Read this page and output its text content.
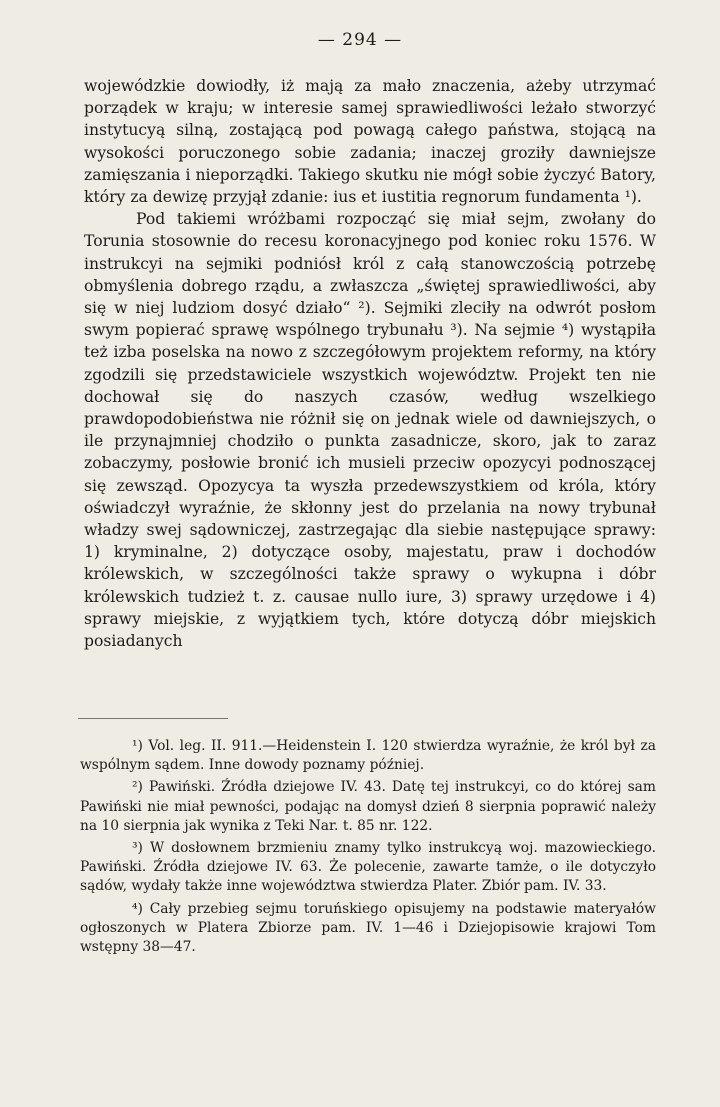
— 294 —

wojewódzkie dowiodły, iż mają za mało znaczenia, ażeby utrzymać porządek w kraju; w interesie samej sprawiedliwości leżało stworzyć instytucyą silną, zostającą pod powagą całego państwa, stojącą na wysokości poruczonego sobie zadania; inaczej groziły dawniejsze zamięszania i nieporządki. Takiego skutku nie mógł sobie życzyć Batory, który za dewizę przyjął zdanie: ius et iustitia regnorum fundamenta ¹).

Pod takiemi wróżbami rozpocząć się miał sejm, zwołany do Torunia stosownie do recesu koronacyjnego pod koniec roku 1576. W instrukcyi na sejmiki podniósł król z całą stanowczością potrzebę obmyślenia dobrego rządu, a zwłaszcza „świętej sprawiedliwości, aby się w niej ludziom dosyć działo“ ²). Sejmiki zleciły na odwrót posłom swym popierać sprawę wspólnego trybunału ³). Na sejmie ⁴) wystąpiła też izba poselska na nowo z szczegółowym projektem reformy, na który zgodzili się przedstawiciele wszystkich województw. Projekt ten nie dochował się do naszych czasów, według wszelkiego prawdopodobieństwa nie różnił się on jednak wiele od dawniejszych, o ile przynajmniej chodziło o punkta zasadnicze, skoro, jak to zaraz zobaczymy, posłowie bronić ich musieli przeciw opozycyi podnoszącej się zewsząd. Opozycya ta wyszła przedewszystkiem od króla, który oświadczył wyraźnie, że skłonny jest do przelania na nowy trybunał władzy swej sądowniczej, zastrzegając dla siebie następujące sprawy: 1) kryminalne, 2) dotyczące osoby, majestatu, praw i dochodów królewskich, w szczególności także sprawy o wykupna i dóbr królewskich tudzież t. z. causae nullo iure, 3) sprawy urzędowe i 4) sprawy miejskie, z wyjątkiem tych, które dotyczą dóbr miejskich posiadanych

¹) Vol. leg. II. 911.—Heidenstein I. 120 stwierdza wyraźnie, że król był za wspólnym sądem. Inne dowody poznamy później.

²) Pawiński. Źródła dziejowe IV. 43. Datę tej instrukcyi, co do której sam Pawiński nie miał pewności, podając na domysł dzień 8 sierpnia poprawić należy na 10 sierpnia jak wynika z Teki Nar. t. 85 nr. 122.

³) W dosłownem brzmieniu znamy tylko instrukcyą woj. mazowieckiego. Pawiński. Źródła dziejowe IV. 63. Że polecenie, zawarte tamże, o ile dotyczyło sądów, wydały także inne województwa stwierdza Plater. Zbiór pam. IV. 33.

⁴) Cały przebieg sejmu toruńskiego opisujemy na podstawie materyałów ogłoszonych w Platera Zbiorze pam. IV. 1—46 i Dziejopisowie krajowi Tom wstępny 38—47.
